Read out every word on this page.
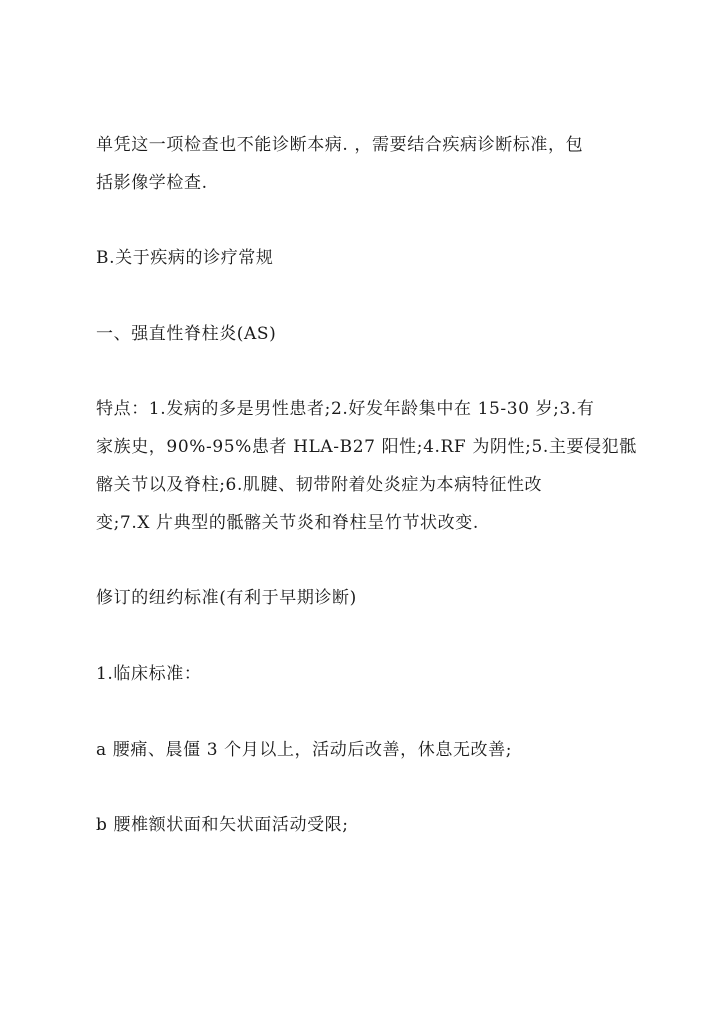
单凭这一项检查也不能诊断本病. ，需要结合疾病诊断标准，包
括影像学检查.

B.关于疾病的诊疗常规

一、强直性脊柱炎(AS)

特点：1.发病的多是男性患者;2.好发年龄集中在 15-30 岁;3.有
家族史，90%-95%患者 HLA-B27 阳性;4.RF 为阴性;5.主要侵犯骶
髂关节以及脊柱;6.肌腱、韧带附着处炎症为本病特征性改
变;7.X 片典型的骶髂关节炎和脊柱呈竹节状改变.

修订的纽约标准(有利于早期诊断)

1.临床标准：

a 腰痛、晨僵 3 个月以上，活动后改善，休息无改善;

b 腰椎额状面和矢状面活动受限;
